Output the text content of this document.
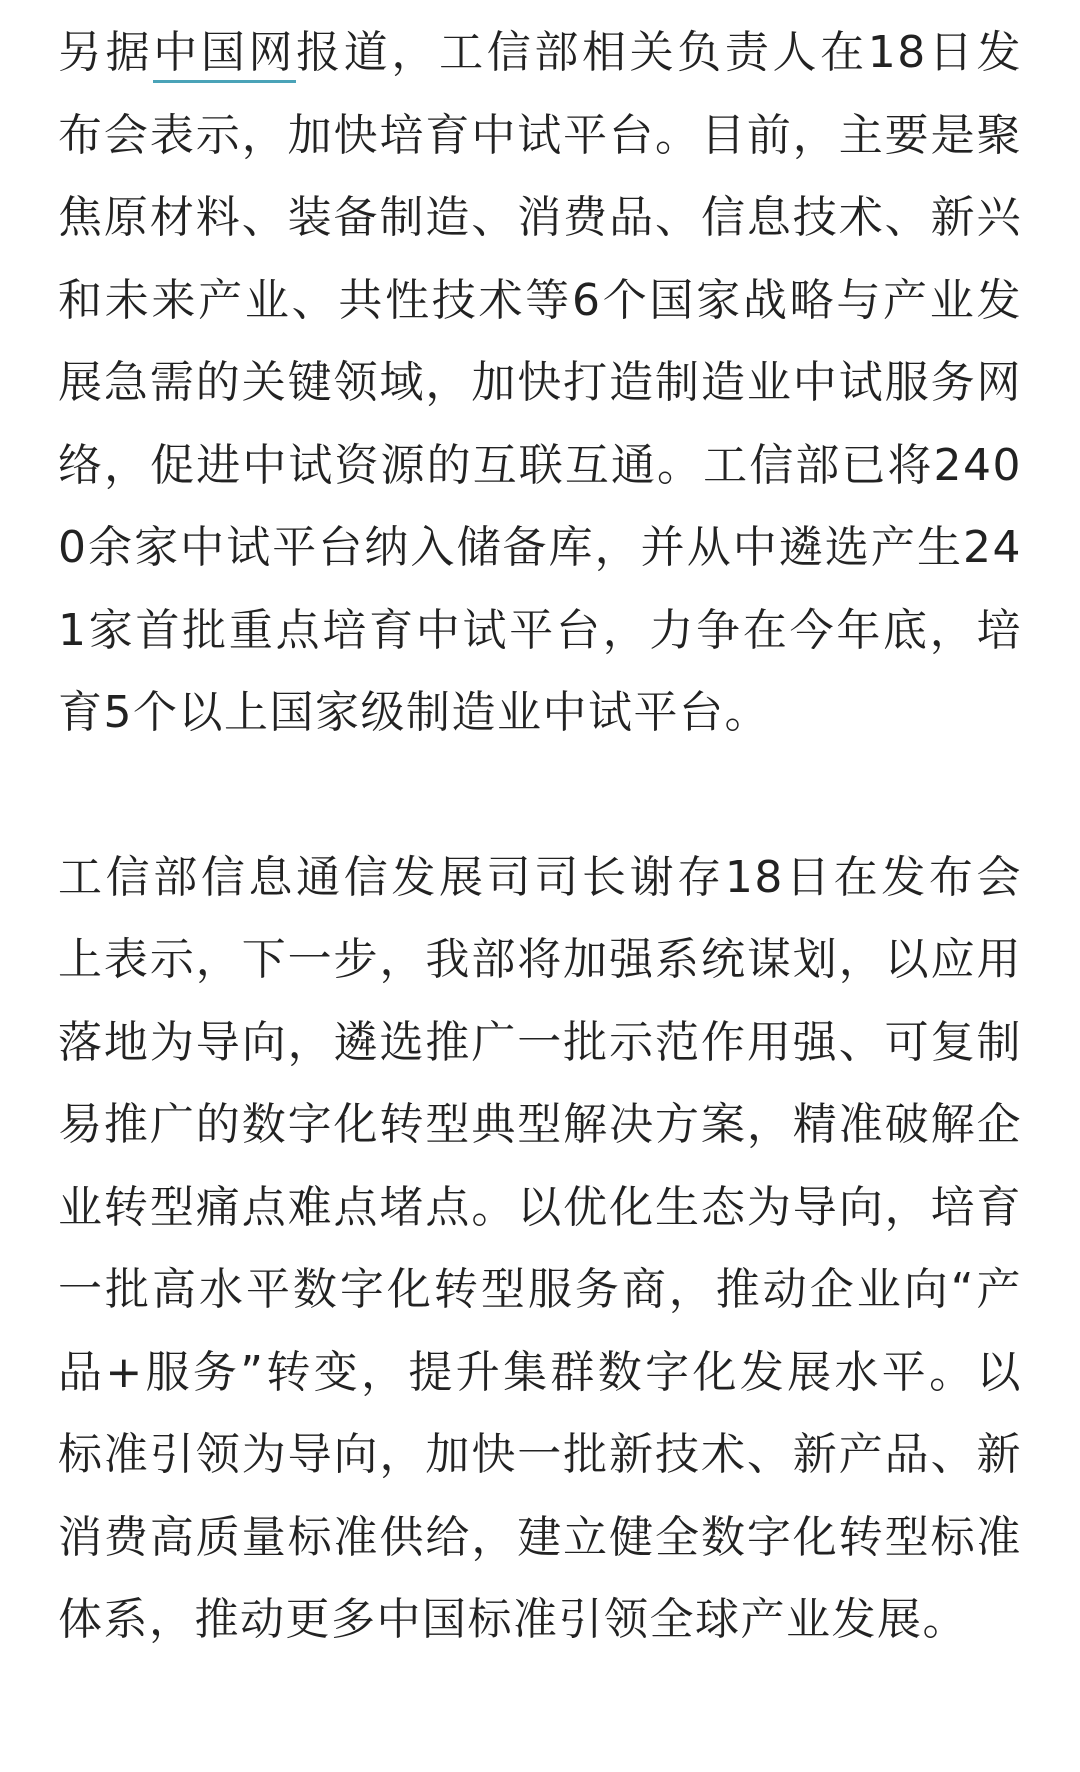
另据中国网报道，工信部相关负责人在18日发布会表示，加快培育中试平台。目前，主要是聚焦原材料、装备制造、消费品、信息技术、新兴和未来产业、共性技术等6个国家战略与产业发展急需的关键领域，加快打造制造业中试服务网络，促进中试资源的互联互通。工信部已将2400余家中试平台纳入储备库，并从中遴选产生241家首批重点培育中试平台，力争在今年底，培育5个以上国家级制造业中试平台。

工信部信息通信发展司司长谢存18日在发布会上表示，下一步，我部将加强系统谋划，以应用落地为导向，遴选推广一批示范作用强、可复制易推广的数字化转型典型解决方案，精准破解企业转型痛点难点堵点。以优化生态为导向，培育一批高水平数字化转型服务商，推动企业向“产品+服务”转变，提升集群数字化发展水平。以标准引领为导向，加快一批新技术、新产品、新消费高质量标准供给，建立健全数字化转型标准体系，推动更多中国标准引领全球产业发展。
